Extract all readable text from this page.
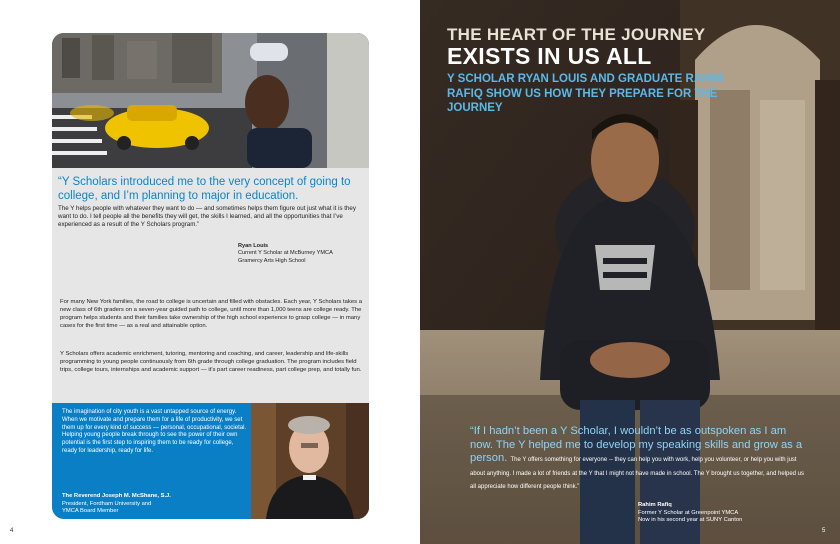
“Y Scholars introduced me to the very concept of going to college, and I’m planning to major in education.
The Y helps people with whatever they want to do — and sometimes helps them figure out just what it is they want to do. I tell people all the benefits they will get, the skills I learned, and all the opportunities that I’ve experienced as a result of the Y Scholars program.”
Ryan Louis
Current Y Scholar at McBurney YMCA
Gramercy Arts High School
For many New York families, the road to college is uncertain and filled with obstacles. Each year, Y Scholars takes a new class of 6th graders on a seven-year guided path to college, until more than 1,000 teens are college ready. The program helps students and their families take ownership of the high school experience to grasp college — in many cases for the first time — as a real and attainable option.
Y Scholars offers academic enrichment, tutoring, mentoring and coaching, and career, leadership and life-skills programming to young people continuously from 6th grade through college graduation. The program includes field trips, college tours, internships and academic support — it’s part career readiness, part college prep, and totally fun.
The imagination of city youth is a vast untapped source of energy. When we motivate and prepare them for a life of productivity, we set them up for every kind of success — personal, occupational, societal. Helping young people break through to see the power of their own potential is the first step to inspiring them to be ready for college, ready for leadership, ready for life.
The Reverend Joseph M. McShane, S.J.
President, Fordham University and
YMCA Board Member
4
THE HEART OF THE JOURNEY
EXISTS IN US ALL
Y SCHOLAR RYAN LOUIS AND GRADUATE RAHIM RAFIQ SHOW US HOW THEY PREPARE FOR THE JOURNEY
“If I hadn’t been a Y Scholar, I wouldn’t be as outspoken as I am now. The Y helped me to develop my speaking skills and grow as a person. The Y offers something for everyone -- they can help you with work, help you volunteer, or help you with just about anything. I made a lot of friends at the Y that I might not have made in school. The Y brought us together, and helped us all appreciate how different people think.”
Rahim Rafiq
Former Y Scholar at Greenpoint YMCA
Now in his second year at SUNY Canton
5
